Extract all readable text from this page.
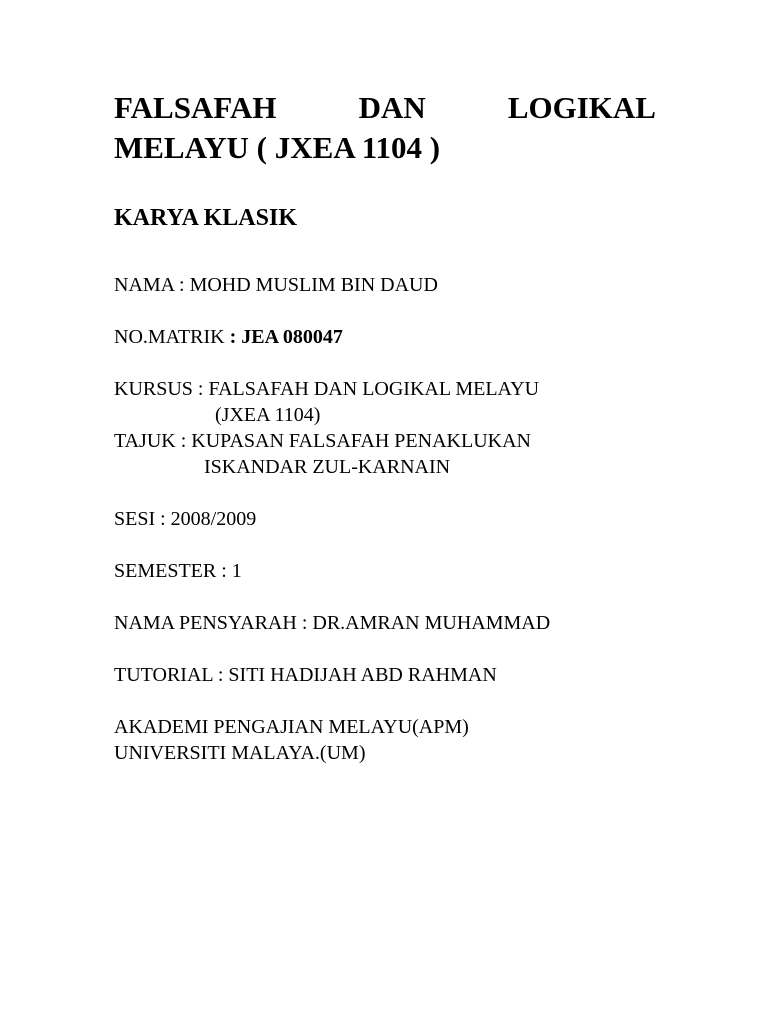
FALSAFAH	DAN	LOGIKAL
MELAYU ( JXEA 1104 )
KARYA KLASIK
NAMA : MOHD MUSLIM BIN DAUD
NO.MATRIK : JEA 080047
KURSUS : FALSAFAH DAN LOGIKAL MELAYU
(JXEA 1104)
TAJUK : KUPASAN FALSAFAH PENAKLUKAN
ISKANDAR ZUL-KARNAIN
SESI : 2008/2009
SEMESTER : 1
NAMA PENSYARAH : DR.AMRAN MUHAMMAD
TUTORIAL : SITI HADIJAH ABD RAHMAN
AKADEMI PENGAJIAN MELAYU(APM)
UNIVERSITI MALAYA.(UM)
